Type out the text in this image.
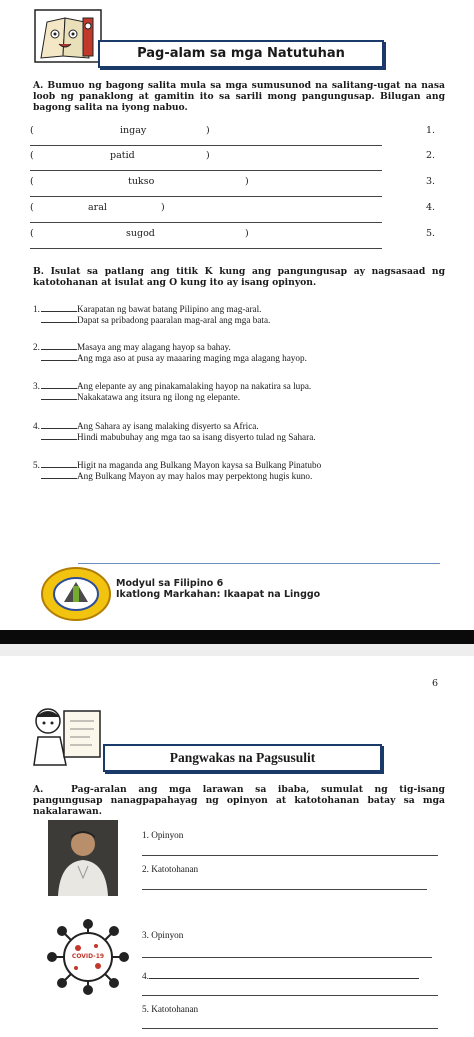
Pag-alam sa mga Natutuhan
A. Bumuo ng bagong salita mula sa mga sumusunod na salitang-ugat na nasa loob ng panaklong at gamitin ito sa sarili mong pangungusap. Bilugan ang bagong salita na iyong nabuo.
(	ingay	)	1.
(	patid	)	2.
(	tukso	)	3.
(	aral	)	4.
(	sugod	)	5.
B. Isulat sa patlang ang titik K kung ang pangungusap ay nagsasaad ng katotohanan at isulat ang O kung ito ay isang opinyon.
1.	Karapatan ng bawat batang Pilipino ang mag-aral.
Dapat sa pribadong paaralan mag-aral ang mga bata.
2.	Masaya ang may alagang hayop sa bahay.
Ang mga aso at pusa ay maaaring maging mga alagang hayop.
3.	Ang elepante ay ang pinakamalaking hayop na nakatira sa lupa.
Nakakatawa ang itsura ng ilong ng elepante.
4.	Ang Sahara ay isang malaking disyerto sa Africa.
Hindi mabubuhay ang mga tao sa isang disyerto tulad ng Sahara.
5.	Higit na maganda ang Bulkang Mayon kaysa sa Bulkang Pinatubo
Ang Bulkang Mayon ay may halos may perpektong hugis kuno.
Modyul sa Filipino 6
Ikatlong Markahan: Ikaapat na Linggo
6
Pangwakas na Pagsusulit
A.	Pag-aralan ang mga larawan sa ibaba, sumulat ng tig-isang pangungusap nanagpapahayag ng opinyon at katotohanan batay sa mga nakalarawan.
1. Opinyon
2. Katotohanan
COVID-19
3. Opinyon
4.
5. Katotohanan
